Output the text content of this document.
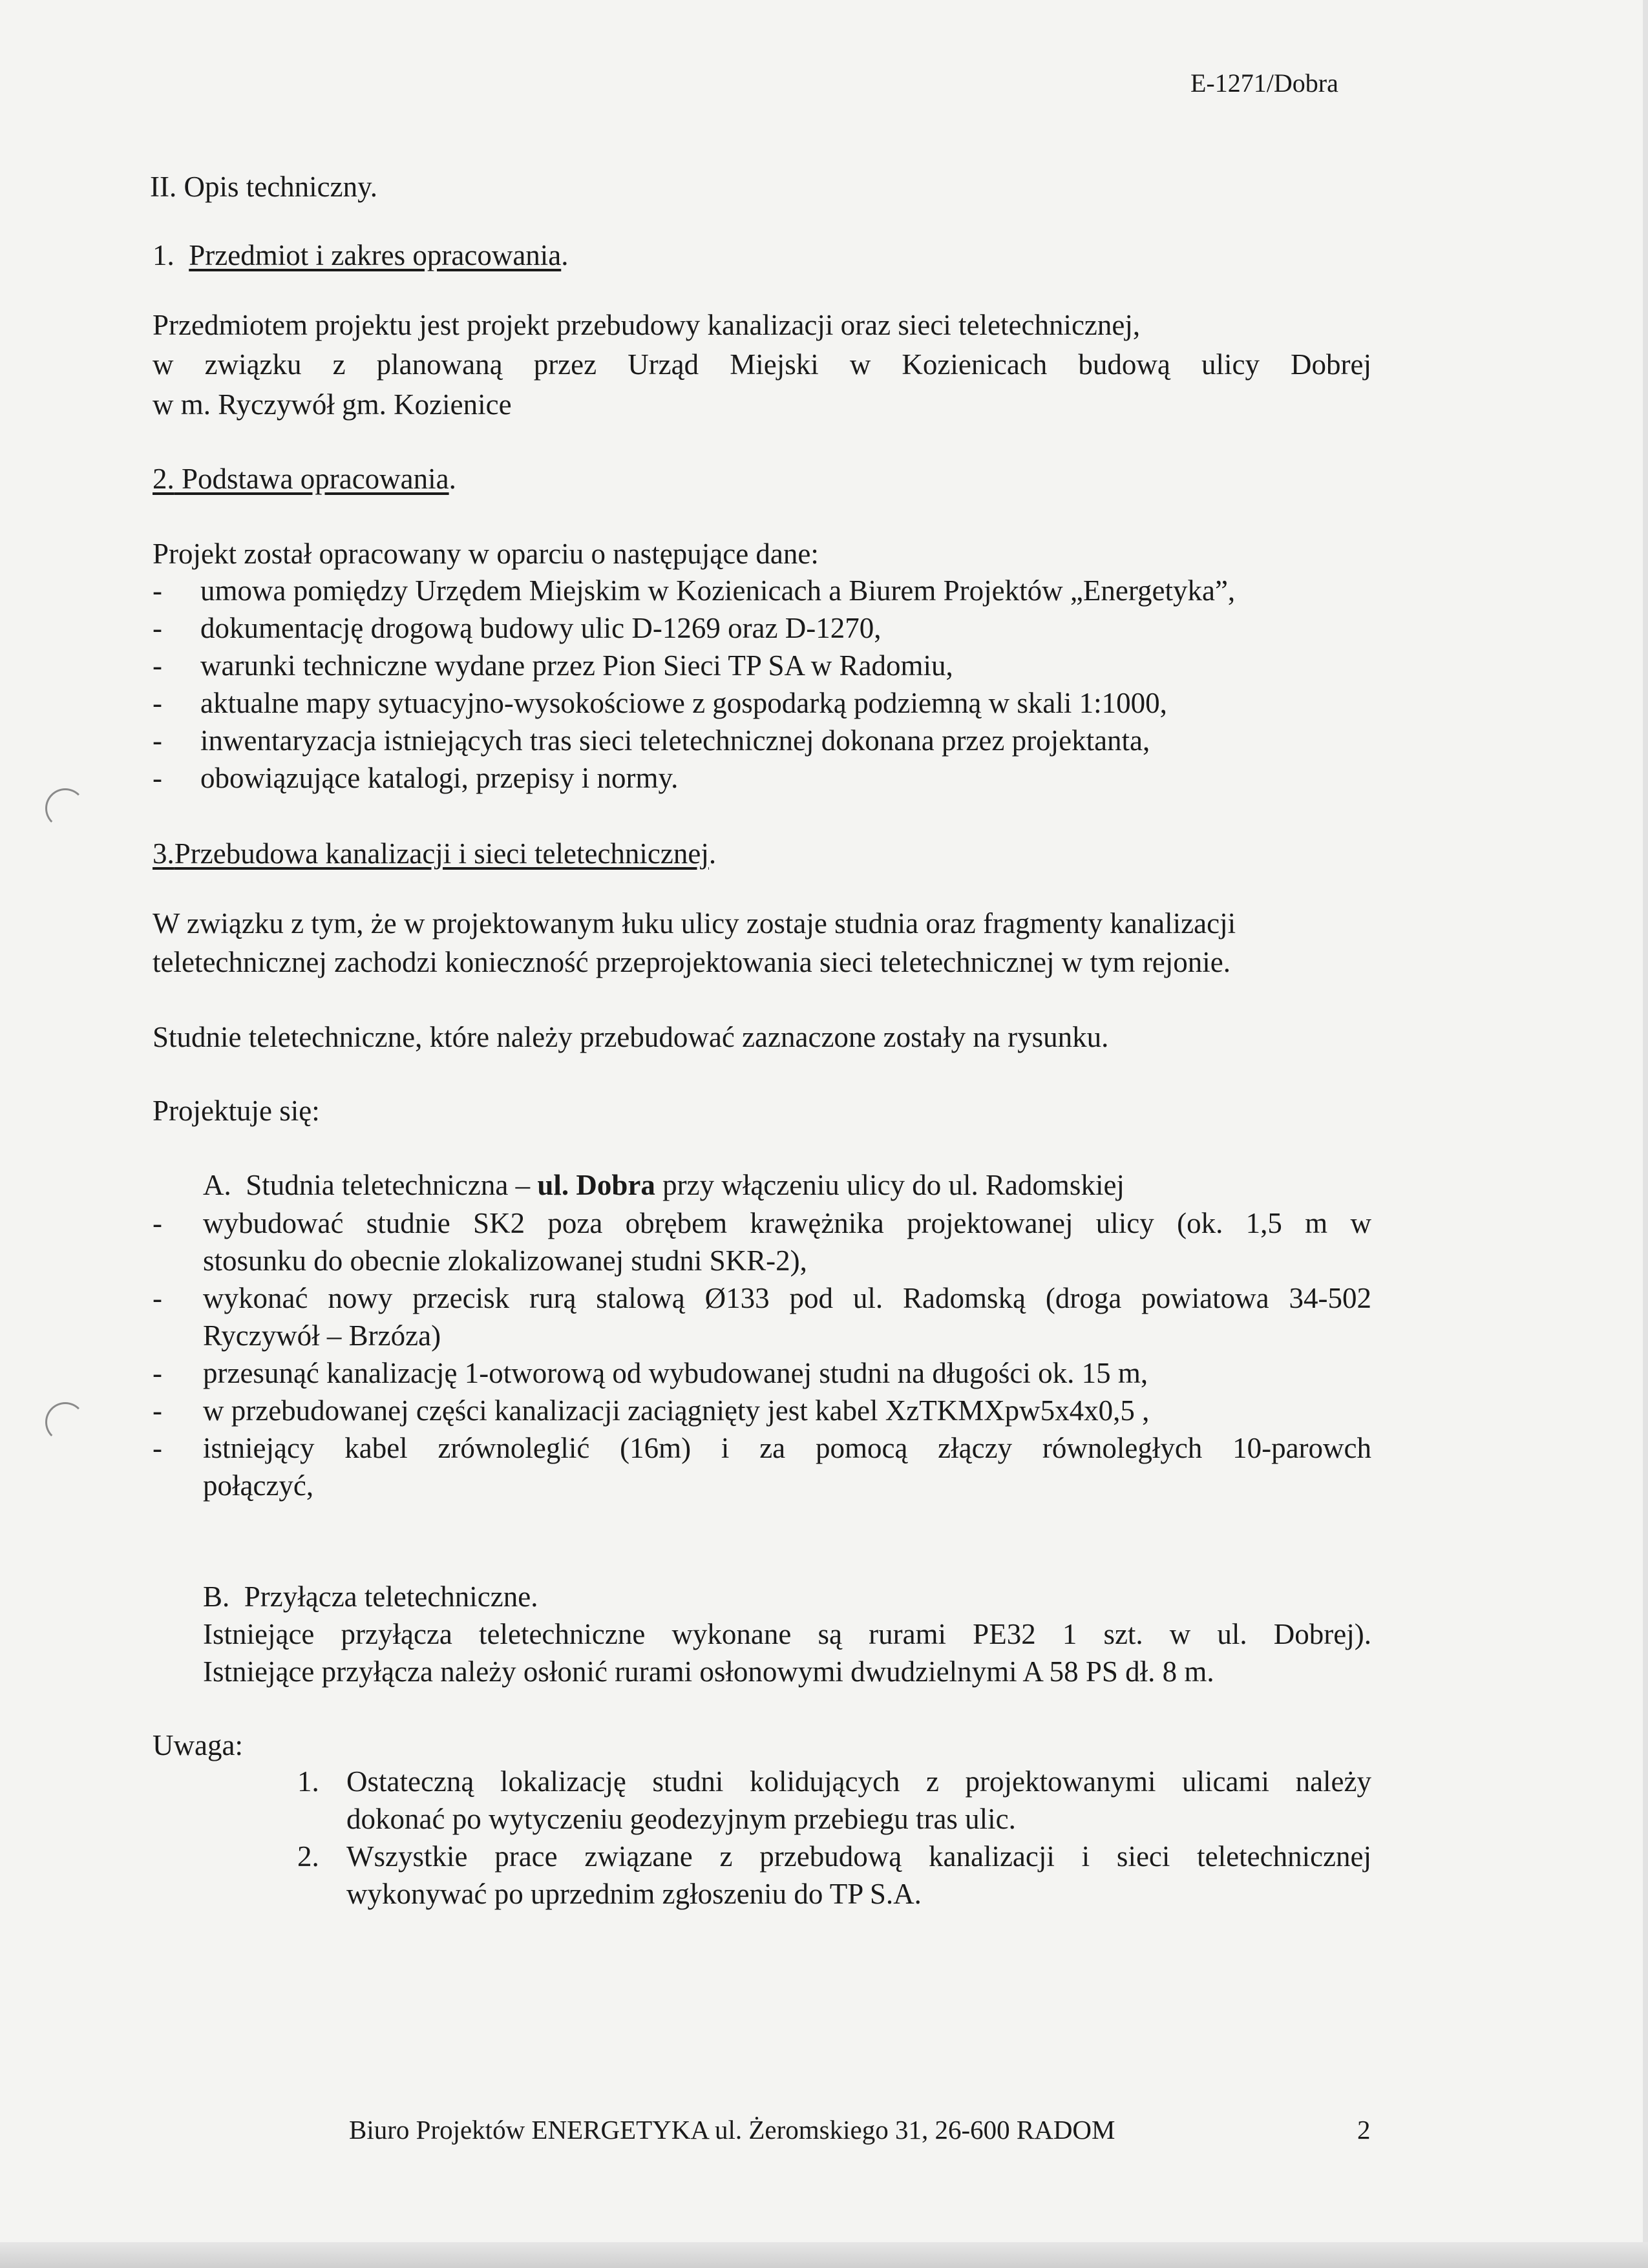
E-1271/Dobra
II. Opis techniczny.
1. Przedmiot i zakres opracowania.
Przedmiotem projektu jest projekt przebudowy kanalizacji oraz sieci teletechnicznej,
w związku z planowaną przez Urząd Miejski w Kozienicach budową ulicy Dobrej
w m. Ryczywół gm. Kozienice
2. Podstawa opracowania.
Projekt został opracowany w oparciu o następujące dane:
- umowa pomiędzy Urzędem Miejskim w Kozienicach a Biurem Projektów „Energetyka”,
- dokumentację drogową budowy ulic D-1269 oraz D-1270,
- warunki techniczne wydane przez Pion Sieci TP SA w Radomiu,
- aktualne mapy sytuacyjno-wysokościowe z gospodarką podziemną w skali 1:1000,
- inwentaryzacja istniejących tras sieci teletechnicznej dokonana przez projektanta,
- obowiązujące katalogi, przepisy i normy.
3.Przebudowa kanalizacji i sieci teletechnicznej.
W związku z tym, że w projektowanym łuku ulicy zostaje studnia oraz fragmenty kanalizacji
teletechnicznej zachodzi konieczność przeprojektowania sieci teletechnicznej w tym rejonie.
Studnie teletechniczne, które należy przebudować zaznaczone zostały na rysunku.
Projektuje się:
A. Studnia teletechniczna – ul. Dobra przy włączeniu ulicy do ul. Radomskiej
- wybudować studnie SK2 poza obrębem krawężnika projektowanej ulicy (ok. 1,5 m w
stosunku do obecnie zlokalizowanej studni SKR-2),
- wykonać nowy przecisk rurą stalową Ø133 pod ul. Radomską (droga powiatowa 34-502
Ryczywół – Brzóza)
- przesunąć kanalizację 1-otworową od wybudowanej studni na długości ok. 15 m,
- w przebudowanej części kanalizacji zaciągnięty jest kabel XzTKMXpw5x4x0,5 ,
- istniejący kabel zrównoleglić (16m) i za pomocą złączy równoległych 10-parowch
połączyć,
B. Przyłącza teletechniczne.
Istniejące przyłącza teletechniczne wykonane są rurami PE32 1 szt. w ul. Dobrej).
Istniejące przyłącza należy osłonić rurami osłonowymi dwudzielnymi A 58 PS dł. 8 m.
Uwaga:
1. Ostateczną lokalizację studni kolidujących z projektowanymi ulicami należy
dokonać po wytyczeniu geodezyjnym przebiegu tras ulic.
2. Wszystkie prace związane z przebudową kanalizacji i sieci teletechnicznej
wykonywać po uprzednim zgłoszeniu do TP S.A.
Biuro Projektów ENERGETYKA ul. Żeromskiego 31, 26-600 RADOM	2
